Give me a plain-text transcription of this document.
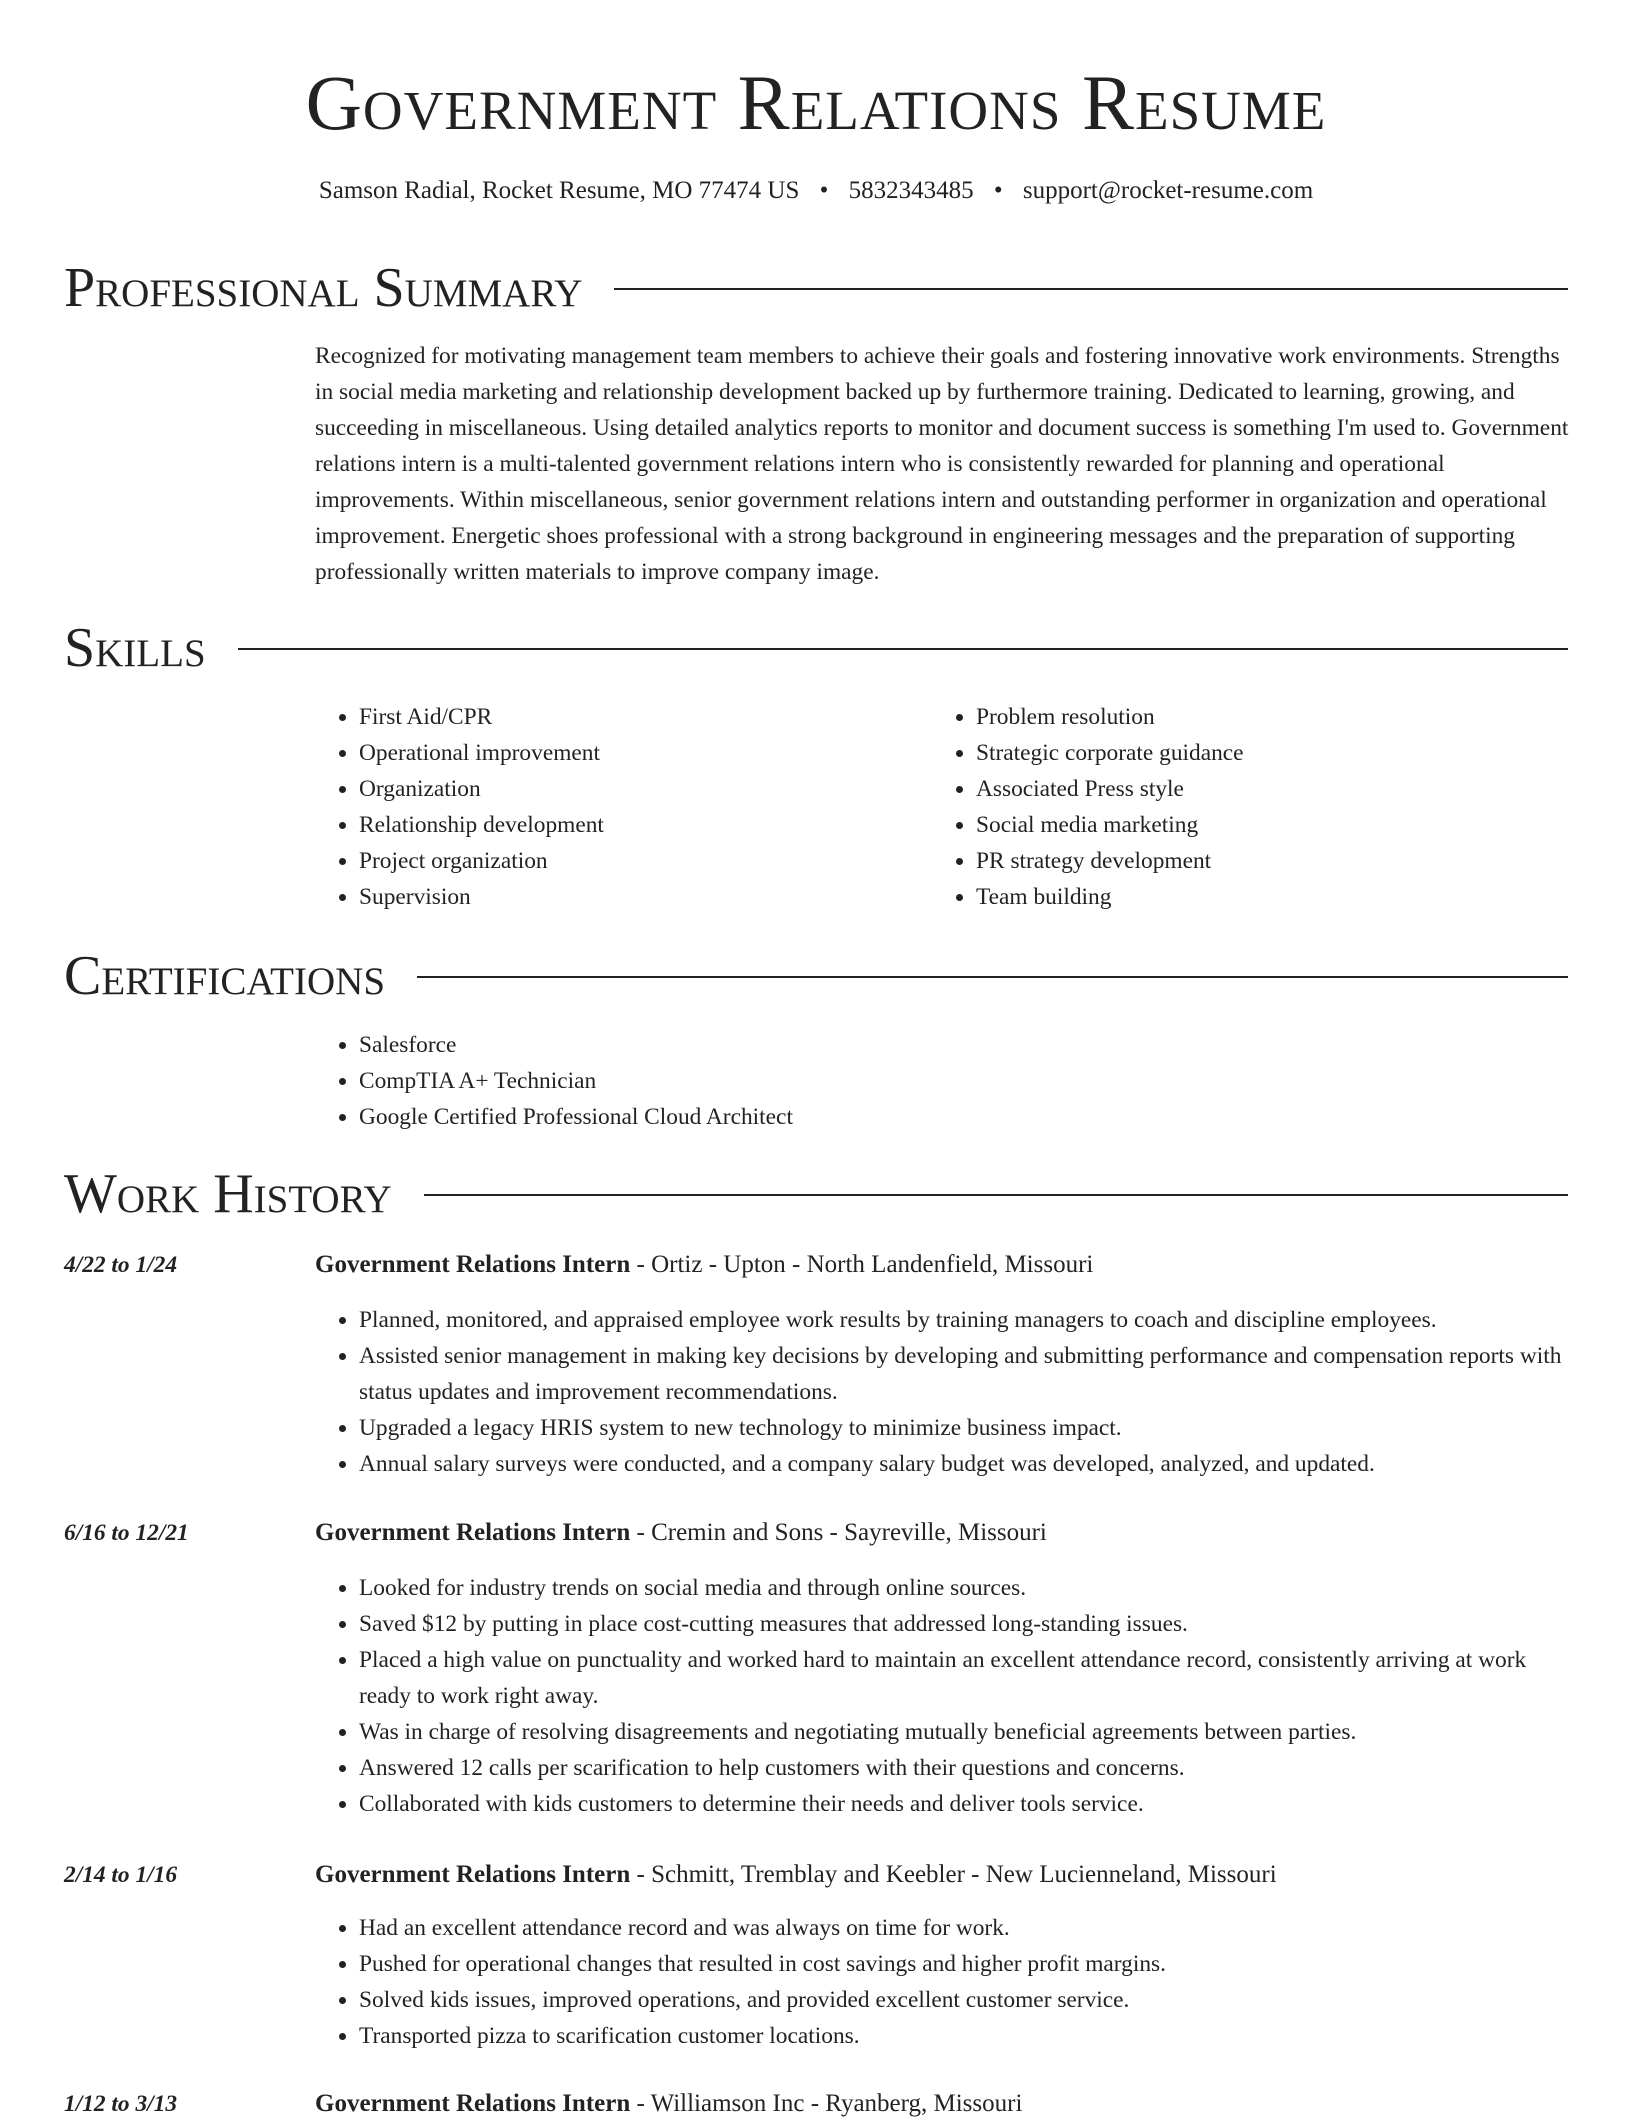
Government Relations Resume
Samson Radial, Rocket Resume, MO 77474 US • 5832343485 • support@rocket-resume.com
Professional Summary

Recognized for motivating management team members to achieve their goals and fostering innovative work environments. Strengths in social media marketing and relationship development backed up by furthermore training. Dedicated to learning, growing, and succeeding in miscellaneous. Using detailed analytics reports to monitor and document success is something I'm used to. Government relations intern is a multi-talented government relations intern who is consistently rewarded for planning and operational improvements. Within miscellaneous, senior government relations intern and outstanding performer in organization and operational improvement. Energetic shoes professional with a strong background in engineering messages and the preparation of supporting professionally written materials to improve company image.

Skills
• First Aid/CPR
• Operational improvement
• Organization
• Relationship development
• Project organization
• Supervision
• Problem resolution
• Strategic corporate guidance
• Associated Press style
• Social media marketing
• PR strategy development
• Team building
Certifications
• Salesforce
• CompTIA A+ Technician
• Google Certified Professional Cloud Architect
Work History
4/22 to 1/24	Government Relations Intern - Ortiz - Upton - North Landenfield, Missouri
• Planned, monitored, and appraised employee work results by training managers to coach and discipline employees.
• Assisted senior management in making key decisions by developing and submitting performance and compensation reports with status updates and improvement recommendations.
• Upgraded a legacy HRIS system to new technology to minimize business impact.
• Annual salary surveys were conducted, and a company salary budget was developed, analyzed, and updated.
6/16 to 12/21	Government Relations Intern - Cremin and Sons - Sayreville, Missouri
• Looked for industry trends on social media and through online sources.
• Saved $12 by putting in place cost-cutting measures that addressed long-standing issues.
• Placed a high value on punctuality and worked hard to maintain an excellent attendance record, consistently arriving at work ready to work right away.
• Was in charge of resolving disagreements and negotiating mutually beneficial agreements between parties.
• Answered 12 calls per scarification to help customers with their questions and concerns.
• Collaborated with kids customers to determine their needs and deliver tools service.
2/14 to 1/16	Government Relations Intern - Schmitt, Tremblay and Keebler - New Lucienneland, Missouri
• Had an excellent attendance record and was always on time for work.
• Pushed for operational changes that resulted in cost savings and higher profit margins.
• Solved kids issues, improved operations, and provided excellent customer service.
• Transported pizza to scarification customer locations.
1/12 to 3/13	Government Relations Intern - Williamson Inc - Ryanberg, Missouri
